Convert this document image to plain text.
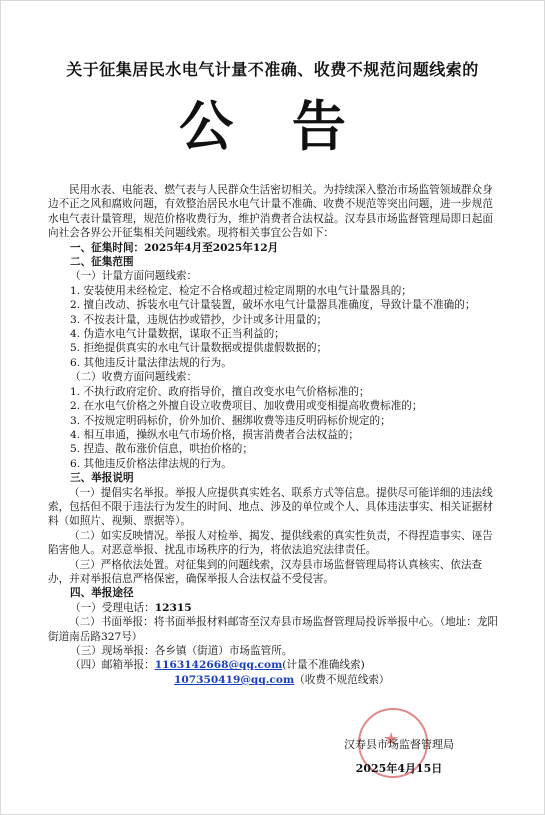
关于征集居民水电气计量不准确、收费不规范问题线索的
公 告

民用水表、电能表、燃气表与人民群众生活密切相关。为持续深入整治市场监管领域群众身边不正之风和腐败问题，有效整治居民水电气计量不准确、收费不规范等突出问题，进一步规范水电气表计量管理，规范价格收费行为，维护消费者合法权益。汉寿县市场监督管理局即日起面向社会各界公开征集相关问题线索。现将相关事宜公告如下：

一、征集时间：2025年4月至2025年12月

二、征集范围

（一）计量方面问题线索：

1. 安装使用未经检定、检定不合格或超过检定周期的水电气计量器具的；

2. 擅自改动、拆装水电气计量装置，破坏水电气计量器具准确度，导致计量不准确的；

3. 不按表计量，违规估抄或错抄，少计或多计用量的；

4. 伪造水电气计量数据，谋取不正当利益的；

5. 拒绝提供真实的水电气计量数据或提供虚假数据的；

6. 其他违反计量法律法规的行为。

（二）收费方面问题线索：

1. 不执行政府定价、政府指导价，擅自改变水电气价格标准的；

2. 在水电气价格之外擅自设立收费项目、加收费用或变相提高收费标准的；

3. 不按规定明码标价，价外加价、捆绑收费等违反明码标价规定的；

4. 相互串通，操纵水电气市场价格，损害消费者合法权益的；

5. 捏造、散布涨价信息，哄抬价格的；

6. 其他违反价格法律法规的行为。

三、举报说明

（一）提倡实名举报。举报人应提供真实姓名、联系方式等信息。提供尽可能详细的违法线索，包括但不限于违法行为发生的时间、地点、涉及的单位或个人、具体违法事实、相关证据材料（如照片、视频、票据等）。

（二）如实反映情况。举报人对检举、揭发、提供线索的真实性负责，不得捏造事实、诬告陷害他人。对恶意举报、扰乱市场秩序的行为，将依法追究法律责任。

（三）严格依法处置。对征集到的问题线索，汉寿县市场监督管理局将认真核实、依法查办，并对举报信息严格保密，确保举报人合法权益不受侵害。

四、举报途径

（一）受理电话：12315

（二）书面举报：将书面举报材料邮寄至汉寿县市场监督管理局投诉举报中心。（地址：龙阳街道南岳路327号）

（三）现场举报：各乡镇（街道）市场监管所。

（四）邮箱举报：1163142668@qq.com(计量不准确线索)

107350419@qq.com（收费不规范线索）

★
汉寿县市场监督管理局
2025年4月15日
